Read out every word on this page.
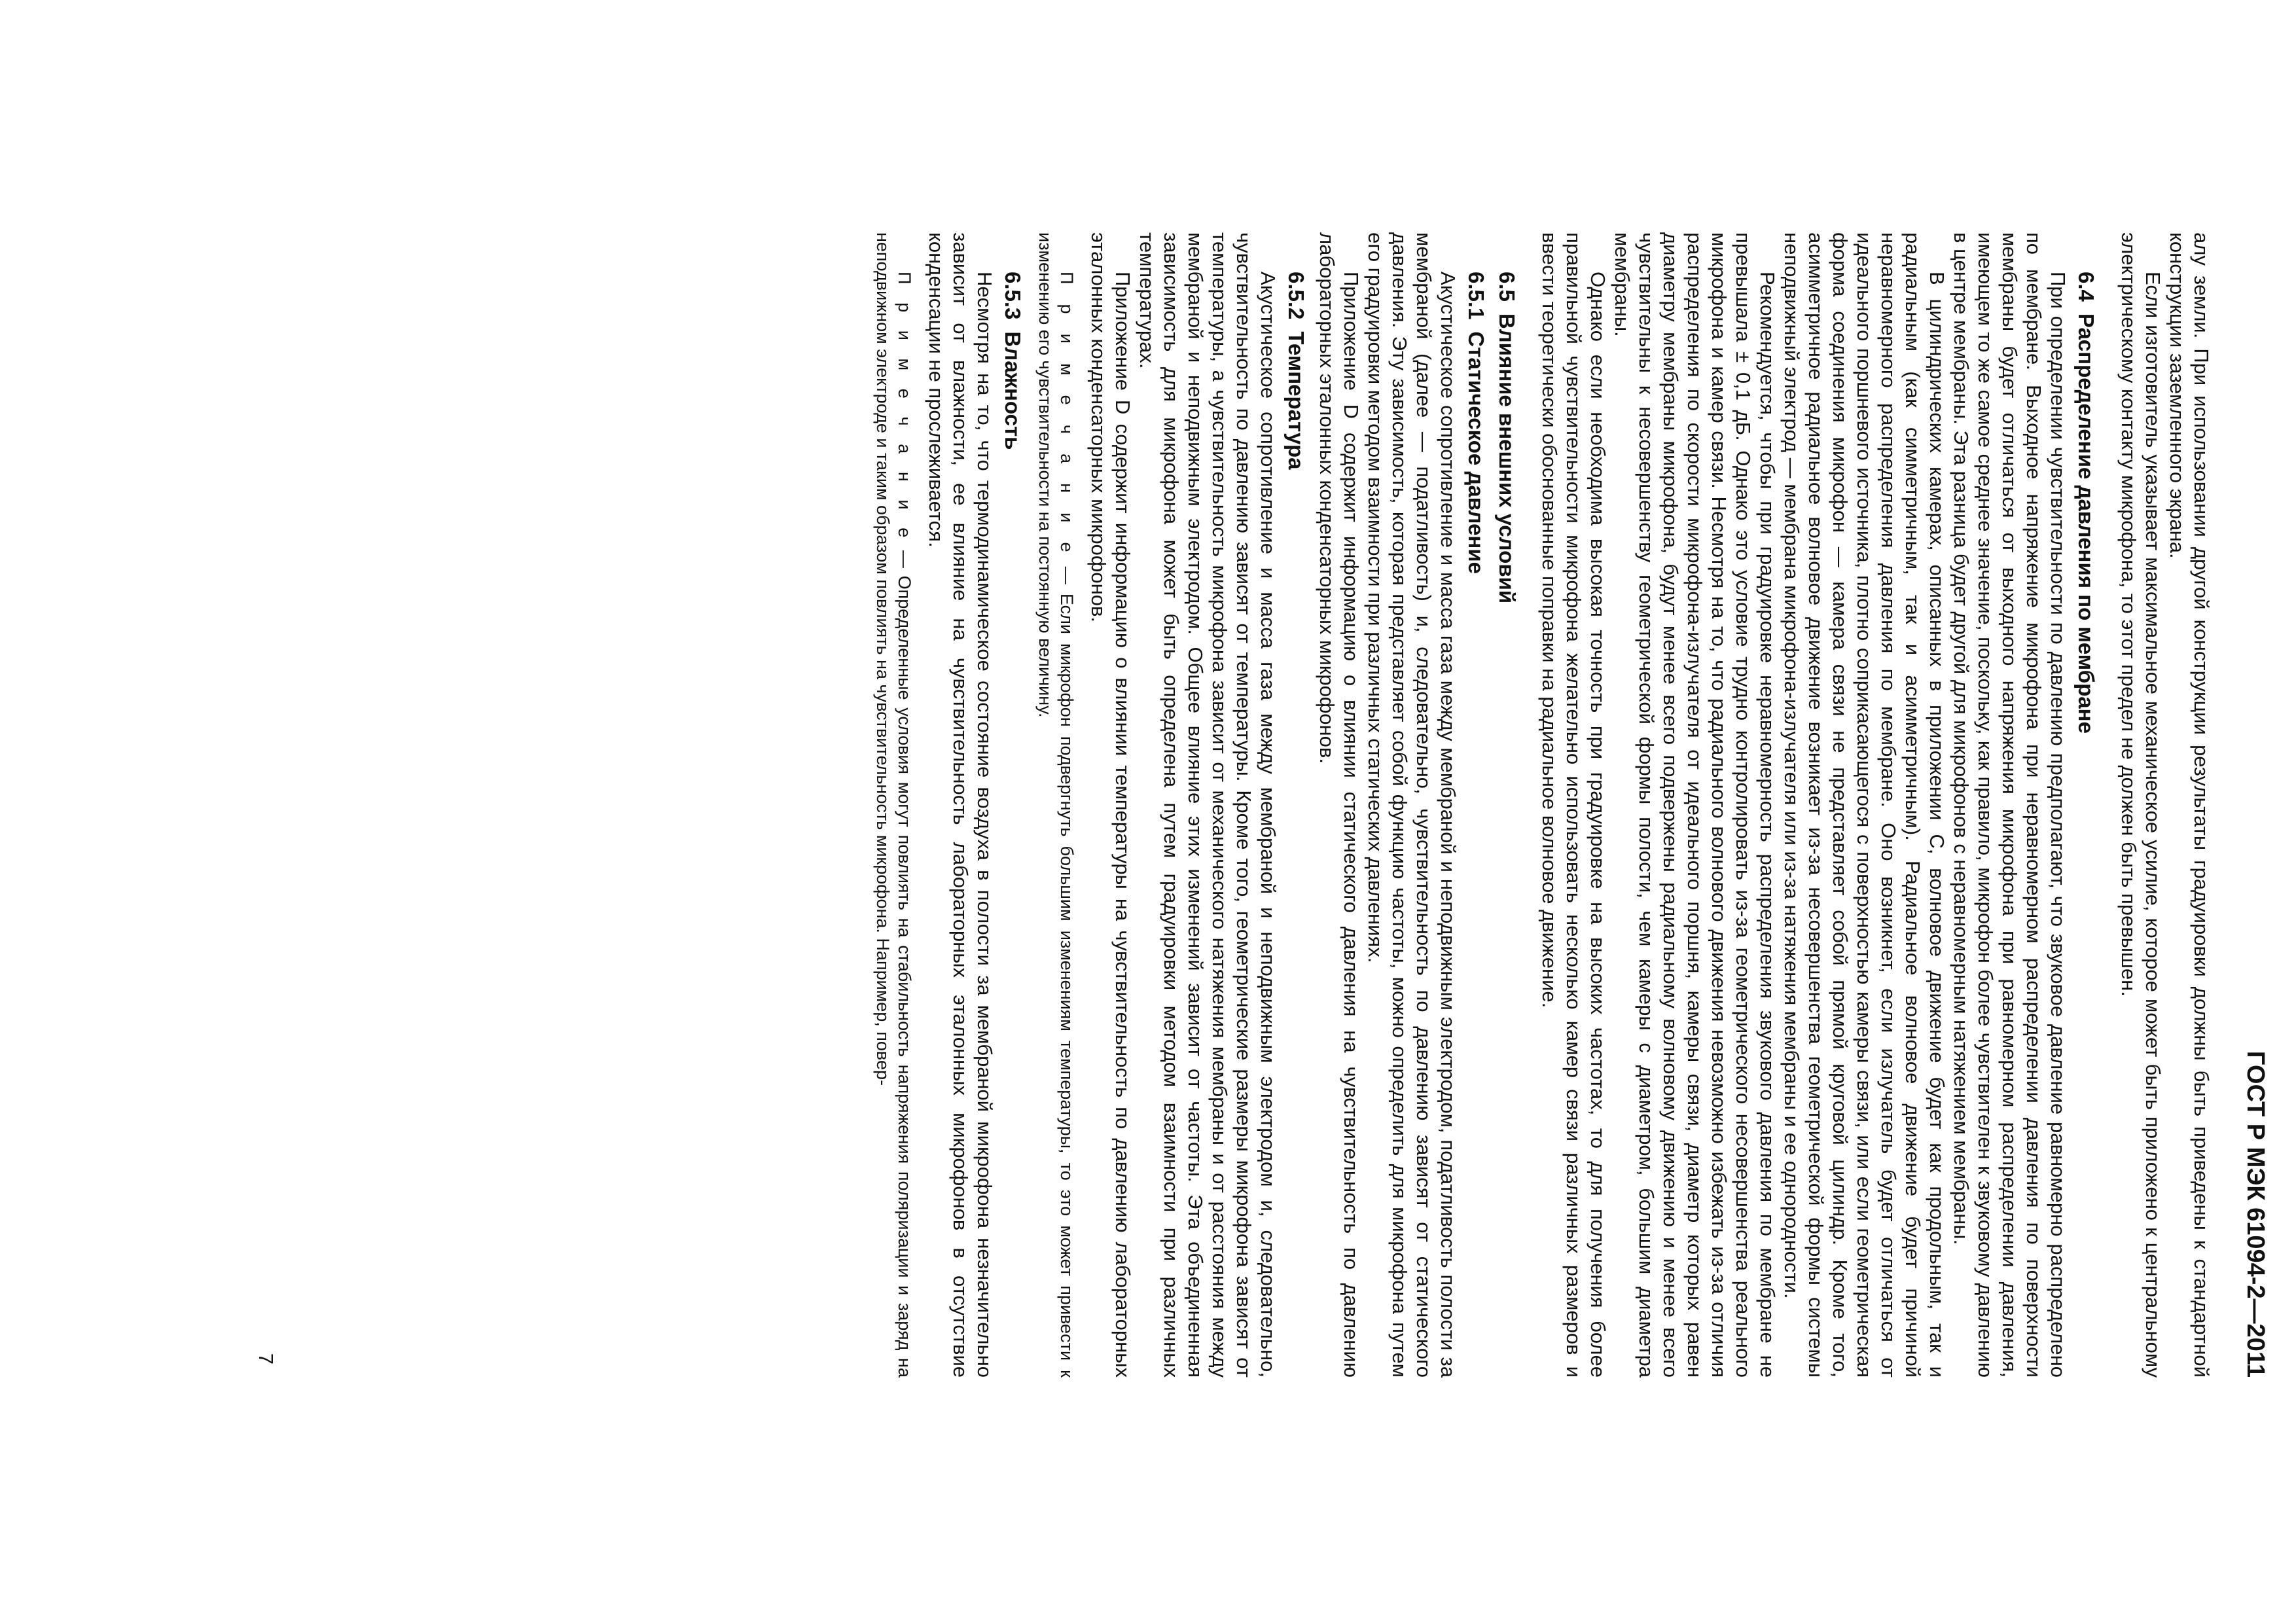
ГОСТ Р МЭК 61094-2—2011

алу земли. При использовании другой конструкции результаты градуировки должны быть приведены к стандартной конструкции заземленного экрана.

Если изготовитель указывает максимальное механическое усилие, которое может быть приложено к центральному электрическому контакту микрофона, то этот предел не должен быть превышен.

6.4Распределение давления по мембране

При определении чувствительности по давлению предполагают, что звуковое давление равномерно распределено по мембране. Выходное напряжение микрофона при неравномерном распределении давления по поверхности мембраны будет отличаться от выходного напряжения микрофона при равномерном распределении давления, имеющем то же самое среднее значение, поскольку, как правило, микрофон более чувствителен к звуковому давлению в центре мембраны. Эта разница будет другой для микрофонов с неравномерным натяжением мембраны.

В цилиндрических камерах, описанных в приложении С, волновое движение будет как продольным, так и радиальным (как симметричным, так и асимметричным). Радиальное волновое движение будет причиной неравномерного распределения давления по мембране. Оно возникнет, если излучатель будет отличаться от идеального поршневого источника, плотно соприкасающегося с поверхностью камеры связи, или если геометрическая форма соединения микрофон — камера связи не представляет собой прямой круговой цилиндр. Кроме того, асимметричное радиальное волновое движение возникает из-за несовершенства геометрической формы системы неподвижный электрод — мембрана микрофона-излучателя или из-за натяжения мембраны и ее однородности.

Рекомендуется, чтобы при градуировке неравномерность распределения звукового давления по мембране не превышала ± 0,1 дБ. Однако это условие трудно контролировать из-за геометрического несовершенства реального микрофона и камер связи. Несмотря на то, что радиального волнового движения невозможно избежать из-за отличия распределения по скорости микрофона-излучателя от идеального поршня, камеры связи, диаметр которых равен диаметру мембраны микрофона, будут менее всего подвержены радиальному волновому движению и менее всего чувствительны к несовершенству геометрической формы полости, чем камеры с диаметром, большим диаметра мембраны.

Однако если необходима высокая точность при градуировке на высоких частотах, то для получения более правильной чувствительности микрофона желательно использовать несколько камер связи различных размеров и ввести теоретически обоснованные поправки на радиальное волновое движение.

6.5Влияние внешних условий
6.5.1Статическое давление

Акустическое сопротивление и масса газа между мембраной и неподвижным электродом, податливость полости за мембраной (далее — податливость) и, следовательно, чувствительность по давлению зависят от статического давления. Эту зависимость, которая представляет собой функцию частоты, можно определить для микрофона путем его градуировки методом взаимности при различных статических давлениях.

Приложение D содержит информацию о влиянии статического давления на чувствительность по давлению лабораторных эталонных конденсаторных микрофонов.

6.5.2Температура

Акустическое сопротивление и масса газа между мембраной и неподвижным электродом и, следовательно, чувствительность по давлению зависят от температуры. Кроме того, геометрические размеры микрофона зависят от температуры, а чувствительность микрофона зависит от механического натяжения мембраны и от расстояния между мембраной и неподвижным электродом. Общее влияние этих изменений зависит от частоты. Эта объединенная зависимость для микрофона может быть определена путем градуировки методом взаимности при различных температурах.

Приложение D содержит информацию о влиянии температуры на чувствительность по давлению лабораторных эталонных конденсаторных микрофонов.

П р и м е ч а н и е — Если микрофон подвергнуть большим изменениям температуры, то это может привести к изменению его чувствительности на постоянную величину.

6.5.3Влажность

Несмотря на то, что термодинамическое состояние воздуха в полости за мембраной микрофона незначительно зависит от влажности, ее влияние на чувствительность лабораторных эталонных микрофонов в отсутствие конденсации не прослеживается.

П р и м е ч а н и е — Определенные условия могут повлиять на стабильность напряжения поляризации и заряд на неподвижном электроде и таким образом повлиять на чувствительность микрофона. Например, повер-

7
